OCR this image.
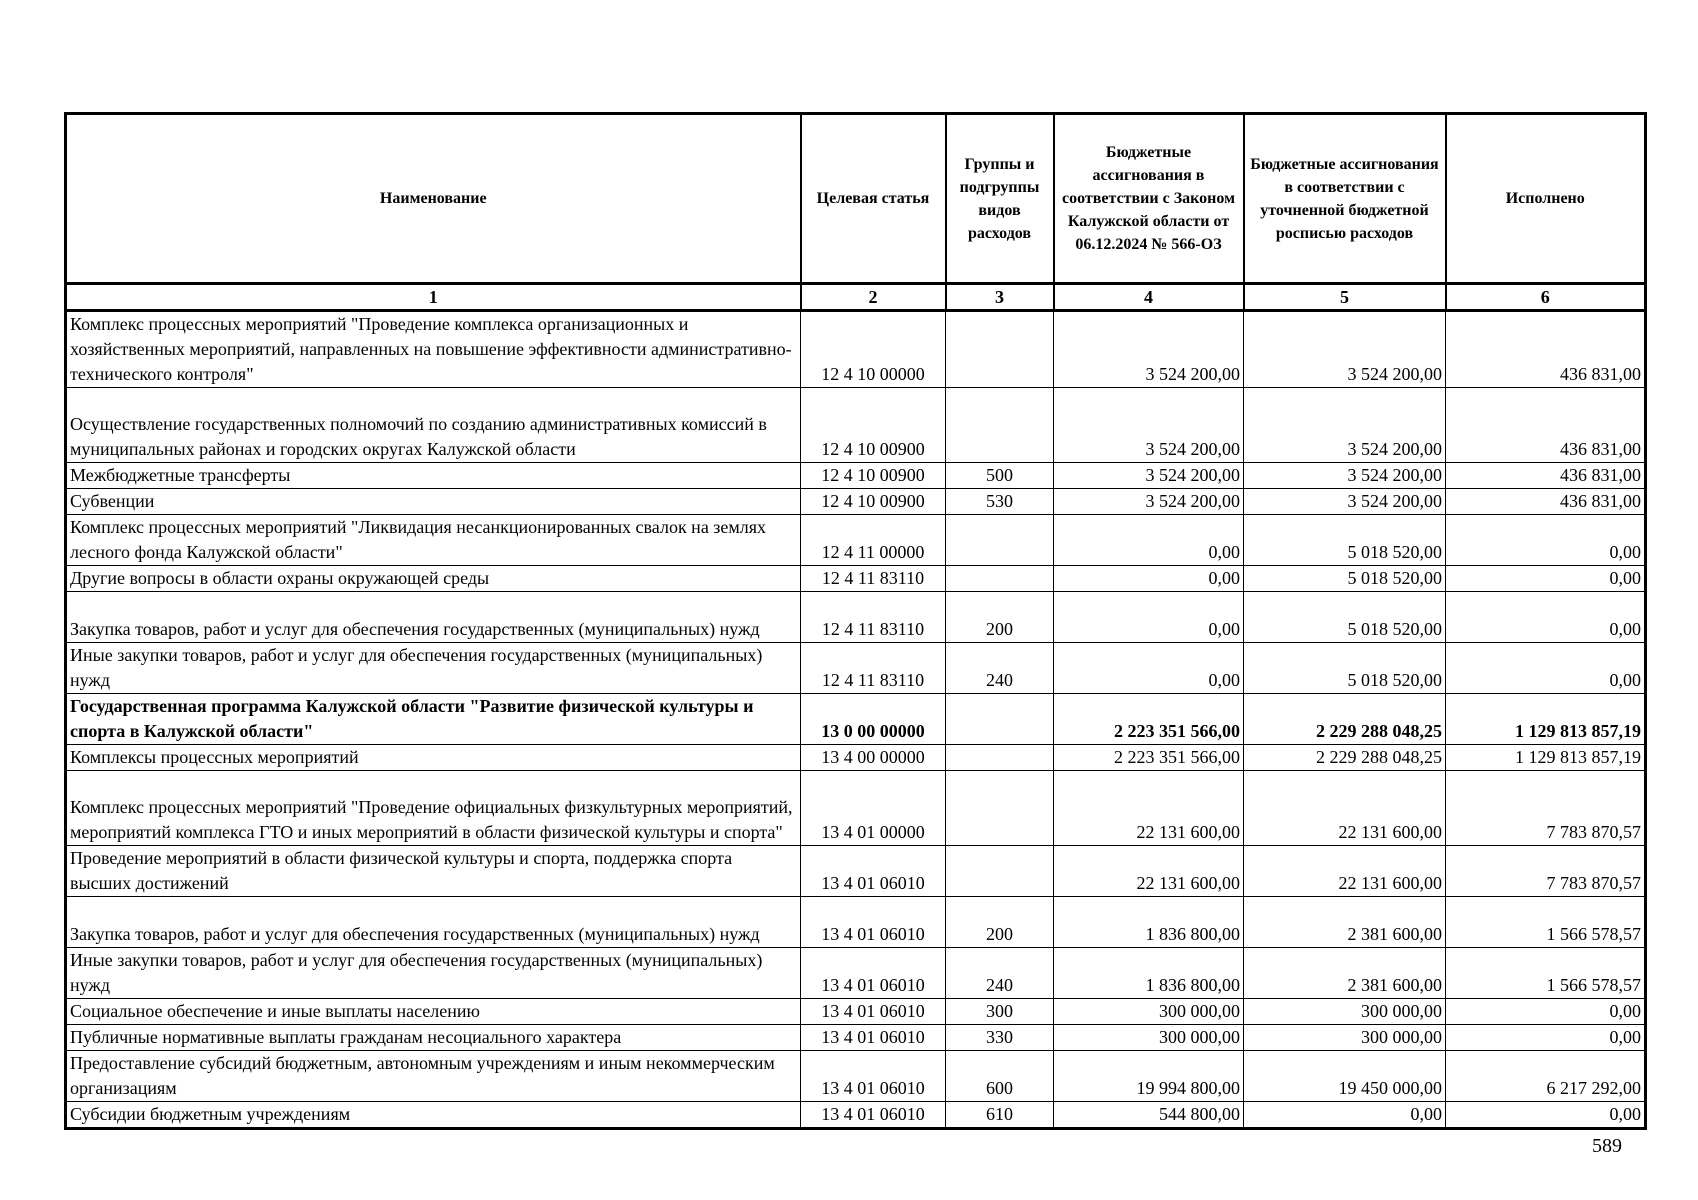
Наименование	Целевая статья	Группы и подгруппы видов расходов	Бюджетные ассигнования в соответствии с Законом Калужской области от 06.12.2024 № 566-ОЗ	Бюджетные ассигнования в соответствии с уточненной бюджетной росписью расходов	Исполнено
1	2	3	4	5	6
Комплекс процессных мероприятий "Проведение комплекса организационных и хозяйственных мероприятий, направленных на повышение эффективности административно-технического контроля"	12 4 10 00000		3 524 200,00	3 524 200,00	436 831,00
Осуществление государственных полномочий по созданию административных комиссий в муниципальных районах и городских округах Калужской области	12 4 10 00900		3 524 200,00	3 524 200,00	436 831,00
Межбюджетные трансферты	12 4 10 00900	500	3 524 200,00	3 524 200,00	436 831,00
Субвенции	12 4 10 00900	530	3 524 200,00	3 524 200,00	436 831,00
Комплекс процессных мероприятий "Ликвидация несанкционированных свалок на землях лесного фонда Калужской области"	12 4 11 00000		0,00	5 018 520,00	0,00
Другие вопросы в области охраны окружающей среды	12 4 11 83110		0,00	5 018 520,00	0,00
Закупка товаров, работ и услуг для обеспечения государственных (муниципальных) нужд	12 4 11 83110	200	0,00	5 018 520,00	0,00
Иные закупки товаров, работ и услуг для обеспечения государственных (муниципальных) нужд	12 4 11 83110	240	0,00	5 018 520,00	0,00
Государственная программа Калужской области "Развитие физической культуры и спорта в Калужской области"	13 0 00 00000		2 223 351 566,00	2 229 288 048,25	1 129 813 857,19
Комплексы процессных мероприятий	13 4 00 00000		2 223 351 566,00	2 229 288 048,25	1 129 813 857,19
Комплекс процессных мероприятий "Проведение официальных физкультурных мероприятий, мероприятий комплекса ГТО и иных мероприятий в области физической культуры и спорта"	13 4 01 00000		22 131 600,00	22 131 600,00	7 783 870,57
Проведение мероприятий в области физической культуры и спорта, поддержка спорта высших достижений	13 4 01 06010		22 131 600,00	22 131 600,00	7 783 870,57
Закупка товаров, работ и услуг для обеспечения государственных (муниципальных) нужд	13 4 01 06010	200	1 836 800,00	2 381 600,00	1 566 578,57
Иные закупки товаров, работ и услуг для обеспечения государственных (муниципальных) нужд	13 4 01 06010	240	1 836 800,00	2 381 600,00	1 566 578,57
Социальное обеспечение и иные выплаты населению	13 4 01 06010	300	300 000,00	300 000,00	0,00
Публичные нормативные выплаты гражданам несоциального характера	13 4 01 06010	330	300 000,00	300 000,00	0,00
Предоставление субсидий бюджетным, автономным учреждениям и иным некоммерческим организациям	13 4 01 06010	600	19 994 800,00	19 450 000,00	6 217 292,00
Субсидии бюджетным учреждениям	13 4 01 06010	610	544 800,00	0,00	0,00
589
